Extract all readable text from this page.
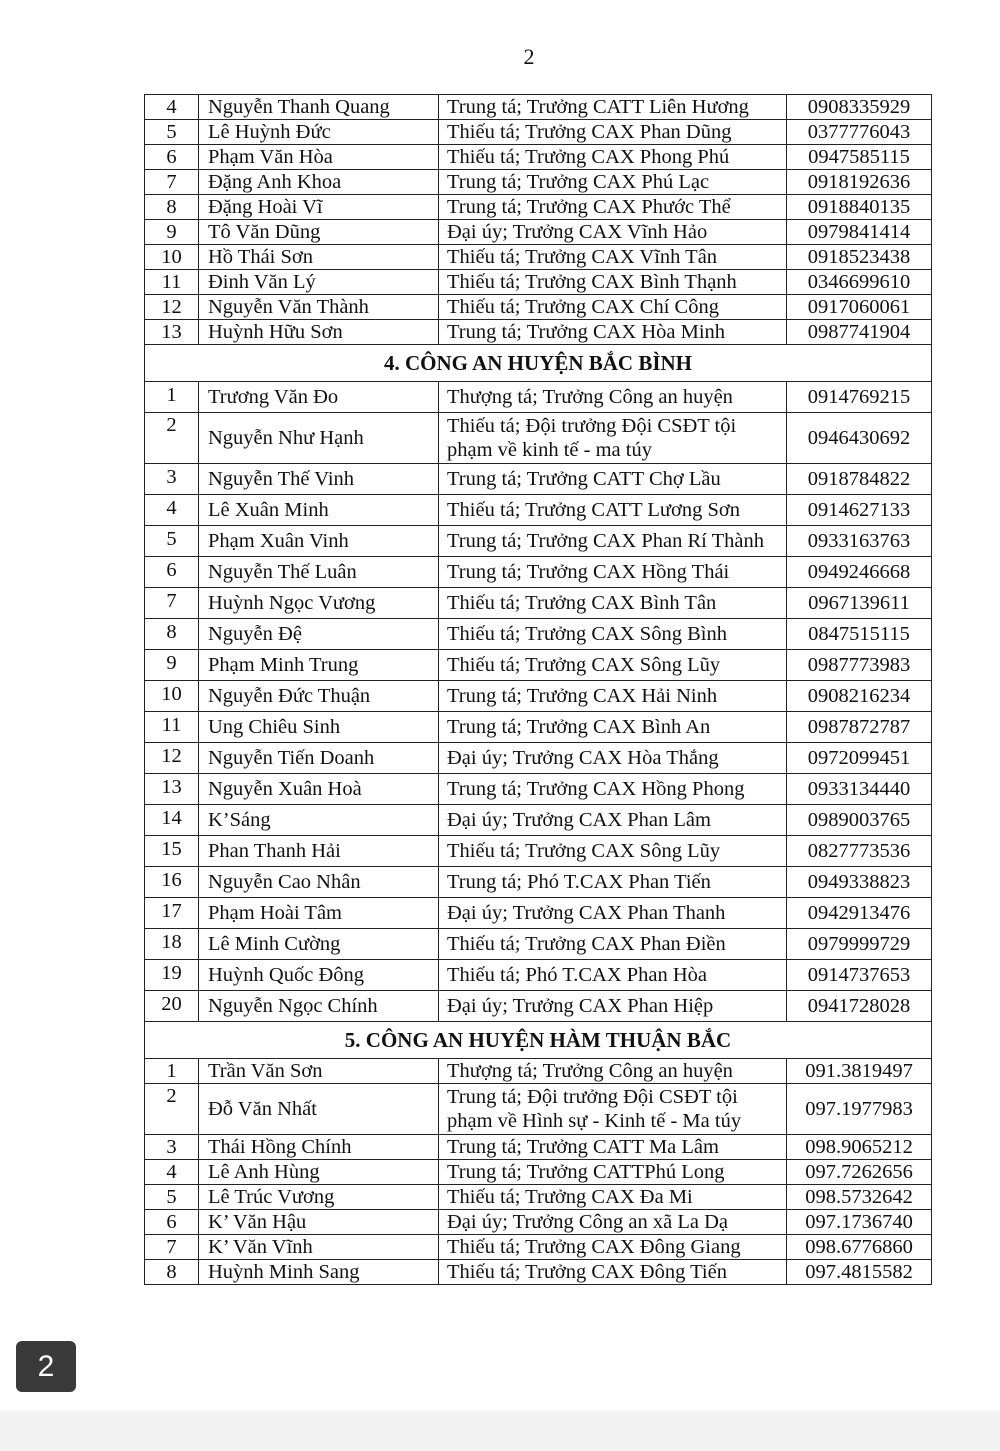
2
4	Nguyễn Thanh Quang	Trung tá; Trưởng CATT Liên Hương	0908335929
5	Lê Huỳnh Đức	Thiếu tá; Trưởng CAX Phan Dũng	0377776043
6	Phạm Văn Hòa	Thiếu tá; Trưởng CAX Phong Phú	0947585115
7	Đặng Anh Khoa	Trung tá; Trưởng CAX Phú Lạc	0918192636
8	Đặng Hoài Vĩ	Trung tá; Trưởng CAX Phước Thể	0918840135
9	Tô Văn Dũng	Đại úy; Trưởng CAX Vĩnh Hảo	0979841414
10	Hồ Thái Sơn	Thiếu tá; Trưởng CAX Vĩnh Tân	0918523438
11	Đinh Văn Lý	Thiếu tá; Trưởng CAX Bình Thạnh	0346699610
12	Nguyễn Văn Thành	Thiếu tá; Trưởng CAX Chí Công	0917060061
13	Huỳnh Hữu Sơn	Trung tá; Trưởng CAX Hòa Minh	0987741904
4. CÔNG AN HUYỆN BẮC BÌNH			
1	Trương Văn Đo	Thượng tá; Trưởng Công an huyện	0914769215
2	Nguyễn Như Hạnh	Thiếu tá; Đội trưởng Đội CSĐT tội phạm về kinh tế - ma túy	0946430692
3	Nguyễn Thế Vinh	Trung tá; Trưởng CATT Chợ Lầu	0918784822
4	Lê Xuân Minh	Thiếu tá; Trưởng CATT Lương Sơn	0914627133
5	Phạm Xuân Vinh	Trung tá; Trưởng CAX Phan Rí Thành	0933163763
6	Nguyễn Thế Luân	Trung tá; Trưởng CAX Hồng Thái	0949246668
7	Huỳnh Ngọc Vương	Thiếu tá; Trưởng CAX Bình Tân	0967139611
8	Nguyễn Đệ	Thiếu tá; Trưởng CAX Sông Bình	0847515115
9	Phạm Minh Trung	Thiếu tá; Trưởng CAX Sông Lũy	0987773983
10	Nguyễn Đức Thuận	Trung tá; Trưởng CAX Hải Ninh	0908216234
11	Ung Chiêu Sinh	Trung tá; Trưởng CAX Bình An	0987872787
12	Nguyễn Tiến Doanh	Đại úy; Trưởng CAX Hòa Thắng	0972099451
13	Nguyễn Xuân Hoà	Trung tá; Trưởng CAX Hồng Phong	0933134440
14	K’Sáng	Đại úy; Trưởng CAX Phan Lâm	0989003765
15	Phan Thanh Hải	Thiếu tá; Trưởng CAX Sông Lũy	0827773536
16	Nguyễn Cao Nhân	Trung tá; Phó T.CAX Phan Tiến	0949338823
17	Phạm Hoài Tâm	Đại úy; Trưởng CAX Phan Thanh	0942913476
18	Lê Minh Cường	Thiếu tá; Trưởng CAX Phan Điền	0979999729
19	Huỳnh Quốc Đông	Thiếu tá; Phó T.CAX Phan Hòa	0914737653
20	Nguyễn Ngọc Chính	Đại úy; Trưởng CAX Phan Hiệp	0941728028
5. CÔNG AN HUYỆN HÀM THUẬN BẮC			
1	Trần Văn Sơn	Thượng tá; Trưởng Công an huyện	091.3819497
2	Đỗ Văn Nhất	Trung tá; Đội trưởng Đội CSĐT tội phạm về Hình sự - Kinh tế - Ma túy	097.1977983
3	Thái Hồng Chính	Trung tá; Trưởng CATT Ma Lâm	098.9065212
4	Lê Anh Hùng	Trung tá; Trưởng CATTPhú Long	097.7262656
5	Lê Trúc Vương	Thiếu tá; Trưởng CAX Đa Mi	098.5732642
6	K’ Văn Hậu	Đại úy; Trưởng Công an xã La Dạ	097.1736740
7	K’ Văn Vĩnh	Thiếu tá; Trưởng CAX Đông Giang	098.6776860
8	Huỳnh Minh Sang	Thiếu tá; Trưởng CAX Đông Tiến	097.4815582
2
